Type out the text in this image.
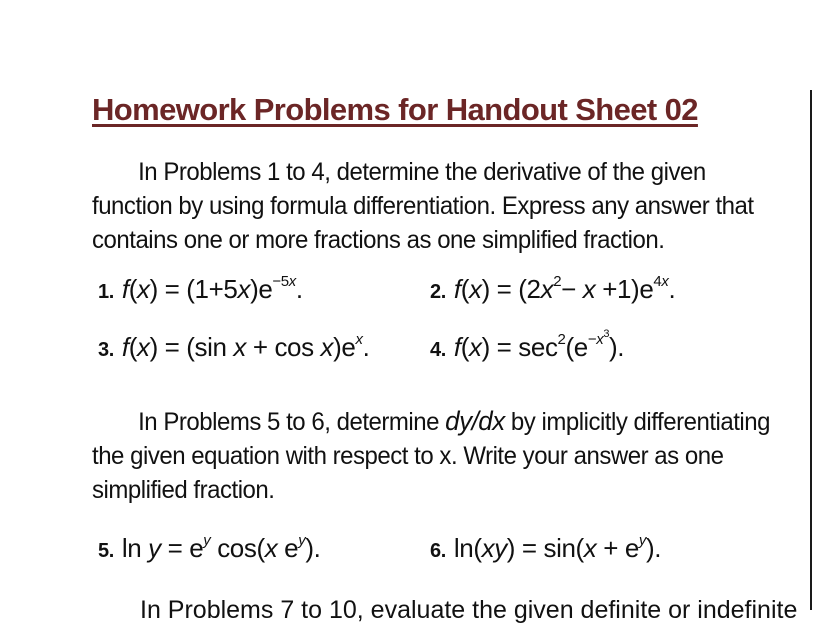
Homework Problems for Handout Sheet 02

In Problems 1 to 4, determine the derivative of the given function by using formula differentiation. Express any answer that contains one or more fractions as one simplified fraction.

1. $f(x) = (1+5x)e^{-5x}$.	2. $f(x) = (2x^2- x +1)e^{4x}$.
3. f(x) = (sin $x + \cos x)e^x$.	4. $f(x) = \sec^2(e^{-x^3})$.

In Problems 5 to 6, determine dy/dx by implicitly differentiating the given equation with respect to x. Write your answer as one simplified fraction.

5. $\ln y = e^y$ cos(x $e^y$).	6. $\ln(xy) = \sin(x + e^y)$.
In Problems 7 to 10, evaluate the given definite or indefinite
